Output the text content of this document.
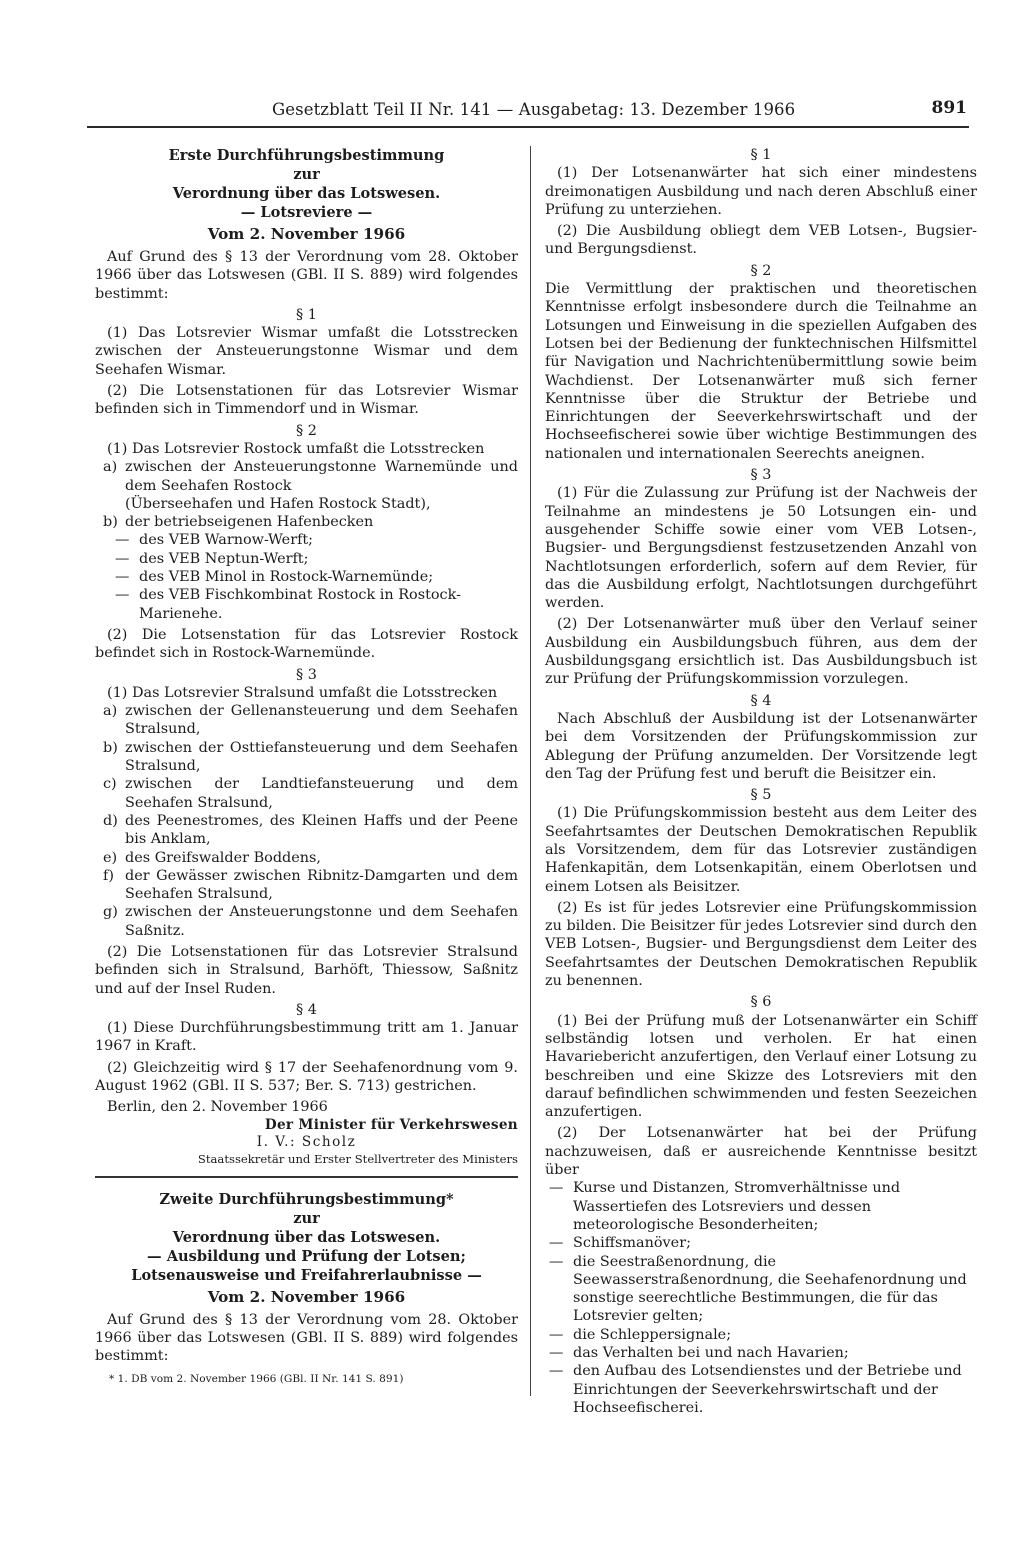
Gesetzblatt Teil II Nr. 141 — Ausgabetag: 13. Dezember 1966	891

Erste Durchführungsbestimmung

zur

Verordnung über das Lotswesen.

— Lotsreviere —

Vom 2. November 1966

Auf Grund des § 13 der Verordnung vom 28. Oktober 1966 über das Lotswesen (GBl. II S. 889) wird folgendes bestimmt:

§ 1

(1) Das Lotsrevier Wismar umfaßt die Lotsstrecken zwischen der Ansteuerungstonne Wismar und dem Seehafen Wismar.

(2) Die Lotsenstationen für das Lotsrevier Wismar befinden sich in Timmendorf und in Wismar.

§ 2

(1) Das Lotsrevier Rostock umfaßt die Lotsstrecken

a) zwischen der Ansteuerungstonne Warnemünde und dem Seehafen Rostock
(Überseehafen und Hafen Rostock Stadt),
b) der betriebseigenen Hafenbecken
— des VEB Warnow-Werft;
— des VEB Neptun-Werft;
— des VEB Minol in Rostock-Warnemünde;
— des VEB Fischkombinat Rostock in Rostock-Marienehe.

(2) Die Lotsenstation für das Lotsrevier Rostock befindet sich in Rostock-Warnemünde.

§ 3

(1) Das Lotsrevier Stralsund umfaßt die Lotsstrecken

a) zwischen der Gellenansteuerung und dem Seehafen Stralsund,
b) zwischen der Osttiefansteuerung und dem Seehafen Stralsund,
c) zwischen der Landtiefansteuerung und dem Seehafen Stralsund,
d) des Peenestromes, des Kleinen Haffs und der Peene bis Anklam,
e) des Greifswalder Boddens,
f) der Gewässer zwischen Ribnitz-Damgarten und dem Seehafen Stralsund,
g) zwischen der Ansteuerungstonne und dem Seehafen Saßnitz.

(2) Die Lotsenstationen für das Lotsrevier Stralsund befinden sich in Stralsund, Barhöft, Thiessow, Saßnitz und auf der Insel Ruden.

§ 4

(1) Diese Durchführungsbestimmung tritt am 1. Januar 1967 in Kraft.

(2) Gleichzeitig wird § 17 der Seehafenordnung vom 9. August 1962 (GBl. II S. 537; Ber. S. 713) gestrichen.

Berlin, den 2. November 1966

Der Minister für Verkehrswesen

I. V.: Scholz

Staatssekretär und Erster Stellvertreter des Ministers

Zweite Durchführungsbestimmung*

zur

Verordnung über das Lotswesen.

— Ausbildung und Prüfung der Lotsen; Lotsenausweise und Freifahrerlaubnisse —

Vom 2. November 1966

Auf Grund des § 13 der Verordnung vom 28. Oktober 1966 über das Lotswesen (GBl. II S. 889) wird folgendes bestimmt:

* 1. DB vom 2. November 1966 (GBl. II Nr. 141 S. 891)

§ 1

(1) Der Lotsenanwärter hat sich einer mindestens dreimonatigen Ausbildung und nach deren Abschluß einer Prüfung zu unterziehen.

(2) Die Ausbildung obliegt dem VEB Lotsen-, Bugsier- und Bergungsdienst.

§ 2

Die Vermittlung der praktischen und theoretischen Kenntnisse erfolgt insbesondere durch die Teilnahme an Lotsungen und Einweisung in die speziellen Aufgaben des Lotsen bei der Bedienung der funktechnischen Hilfsmittel für Navigation und Nachrichtenübermittlung sowie beim Wachdienst. Der Lotsenanwärter muß sich ferner Kenntnisse über die Struktur der Betriebe und Einrichtungen der Seeverkehrswirtschaft und der Hochseefischerei sowie über wichtige Bestimmungen des nationalen und internationalen Seerechts aneignen.

§ 3

(1) Für die Zulassung zur Prüfung ist der Nachweis der Teilnahme an mindestens je 50 Lotsungen ein- und ausgehender Schiffe sowie einer vom VEB Lotsen-, Bugsier- und Bergungsdienst festzusetzenden Anzahl von Nachtlotsungen erforderlich, sofern auf dem Revier, für das die Ausbildung erfolgt, Nachtlotsungen durchgeführt werden.

(2) Der Lotsenanwärter muß über den Verlauf seiner Ausbildung ein Ausbildungsbuch führen, aus dem der Ausbildungsgang ersichtlich ist. Das Ausbildungsbuch ist zur Prüfung der Prüfungskommission vorzulegen.

§ 4

Nach Abschluß der Ausbildung ist der Lotsenanwärter bei dem Vorsitzenden der Prüfungskommission zur Ablegung der Prüfung anzumelden. Der Vorsitzende legt den Tag der Prüfung fest und beruft die Beisitzer ein.

§ 5

(1) Die Prüfungskommission besteht aus dem Leiter des Seefahrtsamtes der Deutschen Demokratischen Republik als Vorsitzendem, dem für das Lotsrevier zuständigen Hafenkapitän, dem Lotsenkapitän, einem Oberlotsen und einem Lotsen als Beisitzer.

(2) Es ist für jedes Lotsrevier eine Prüfungskommission zu bilden. Die Beisitzer für jedes Lotsrevier sind durch den VEB Lotsen-, Bugsier- und Bergungsdienst dem Leiter des Seefahrtsamtes der Deutschen Demokratischen Republik zu benennen.

§ 6

(1) Bei der Prüfung muß der Lotsenanwärter ein Schiff selbständig lotsen und verholen. Er hat einen Havariebericht anzufertigen, den Verlauf einer Lotsung zu beschreiben und eine Skizze des Lotsreviers mit den darauf befindlichen schwimmenden und festen Seezeichen anzufertigen.

(2) Der Lotsenanwärter hat bei der Prüfung nachzuweisen, daß er ausreichende Kenntnisse besitzt über

— Kurse und Distanzen, Stromverhältnisse und Wassertiefen des Lotsreviers und dessen meteorologische Besonderheiten;
— Schiffsmanöver;
— die Seestraßenordnung, die Seewasserstraßenordnung, die Seehafenordnung und sonstige seerechtliche Bestimmungen, die für das Lotsrevier gelten;
— die Schleppersignale;
— das Verhalten bei und nach Havarien;
— den Aufbau des Lotsendienstes und der Betriebe und Einrichtungen der Seeverkehrswirtschaft und der Hochseefischerei.
